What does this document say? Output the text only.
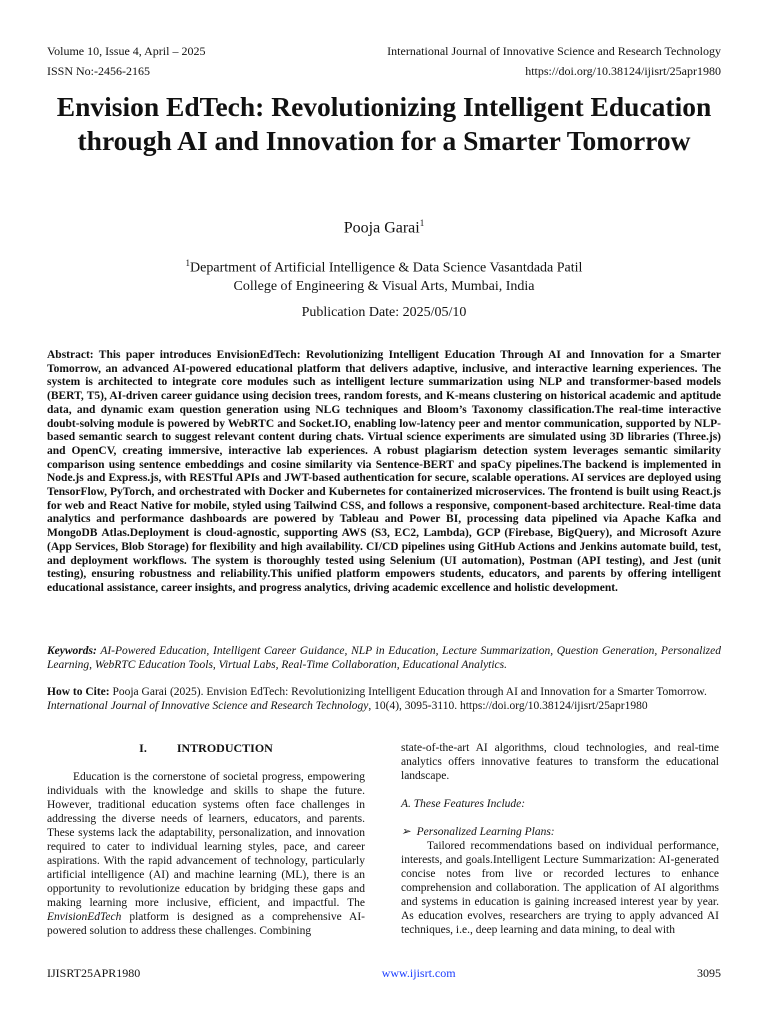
Volume 10, Issue 4, April – 2025	International Journal of Innovative Science and Research Technology
ISSN No:-2456-2165	https://doi.org/10.38124/ijisrt/25apr1980
Envision EdTech: Revolutionizing Intelligent Education through AI and Innovation for a Smarter Tomorrow
Pooja Garai$^1$
$^1$Department of Artificial Intelligence & Data Science Vasantdada Patil
College of Engineering & Visual Arts, Mumbai, India
Publication Date: 2025/05/10

Abstract: This paper introduces EnvisionEdTech: Revolutionizing Intelligent Education Through AI and Innovation for a Smarter Tomorrow, an advanced AI-powered educational platform that delivers adaptive, inclusive, and interactive learning experiences. The system is architected to integrate core modules such as intelligent lecture summarization using NLP and transformer-based models (BERT, T5), AI-driven career guidance using decision trees, random forests, and K-means clustering on historical academic and aptitude data, and dynamic exam question generation using NLG techniques and Bloom’s Taxonomy classification.The real-time interactive doubt-solving module is powered by WebRTC and Socket.IO, enabling low-latency peer and mentor communication, supported by NLP-based semantic search to suggest relevant content during chats. Virtual science experiments are simulated using 3D libraries (Three.js) and OpenCV, creating immersive, interactive lab experiences. A robust plagiarism detection system leverages semantic similarity comparison using sentence embeddings and cosine similarity via Sentence-BERT and spaCy pipelines.The backend is implemented in Node.js and Express.js, with RESTful APIs and JWT-based authentication for secure, scalable operations. AI services are deployed using TensorFlow, PyTorch, and orchestrated with Docker and Kubernetes for containerized microservices. The frontend is built using React.js for web and React Native for mobile, styled using Tailwind CSS, and follows a responsive, component-based architecture. Real-time data analytics and performance dashboards are powered by Tableau and Power BI, processing data pipelined via Apache Kafka and MongoDB Atlas.Deployment is cloud-agnostic, supporting AWS (S3, EC2, Lambda), GCP (Firebase, BigQuery), and Microsoft Azure (App Services, Blob Storage) for flexibility and high availability. CI/CD pipelines using GitHub Actions and Jenkins automate build, test, and deployment workflows. The system is thoroughly tested using Selenium (UI automation), Postman (API testing), and Jest (unit testing), ensuring robustness and reliability.This unified platform empowers students, educators, and parents by offering intelligent educational assistance, career insights, and progress analytics, driving academic excellence and holistic development.

Keywords: AI-Powered Education, Intelligent Career Guidance, NLP in Education, Lecture Summarization, Question Generation, Personalized Learning, WebRTC Education Tools, Virtual Labs, Real-Time Collaboration, Educational Analytics.

How to Cite: Pooja Garai (2025). Envision EdTech: Revolutionizing Intelligent Education through AI and Innovation for a Smarter Tomorrow. International Journal of Innovative Science and Research Technology, 10(4), 3095-3110. https://doi.org/10.38124/ijisrt/25apr1980

I.	INTRODUCTION

Education is the cornerstone of societal progress, empowering individuals with the knowledge and skills to shape the future. However, traditional education systems often face challenges in addressing the diverse needs of learners, educators, and parents. These systems lack the adaptability, personalization, and innovation required to cater to individual learning styles, pace, and career aspirations. With the rapid advancement of technology, particularly artificial intelligence (AI) and machine learning (ML), there is an opportunity to revolutionize education by bridging these gaps and making learning more inclusive, efficient, and impactful. The EnvisionEdTech platform is designed as a comprehensive AI-powered solution to address these challenges. Combining

state-of-the-art AI algorithms, cloud technologies, and real-time analytics offers innovative features to transform the educational landscape.

A. These Features Include:

➢ Personalized Learning Plans:

Tailored recommendations based on individual performance, interests, and goals.Intelligent Lecture Summarization: AI-generated concise notes from live or recorded lectures to enhance comprehension and collaboration. The application of AI algorithms and systems in education is gaining increased interest year by year. As education evolves, researchers are trying to apply advanced AI techniques, i.e., deep learning and data mining, to deal with

IJISRT25APR1980	www.ijisrt.com	3095
